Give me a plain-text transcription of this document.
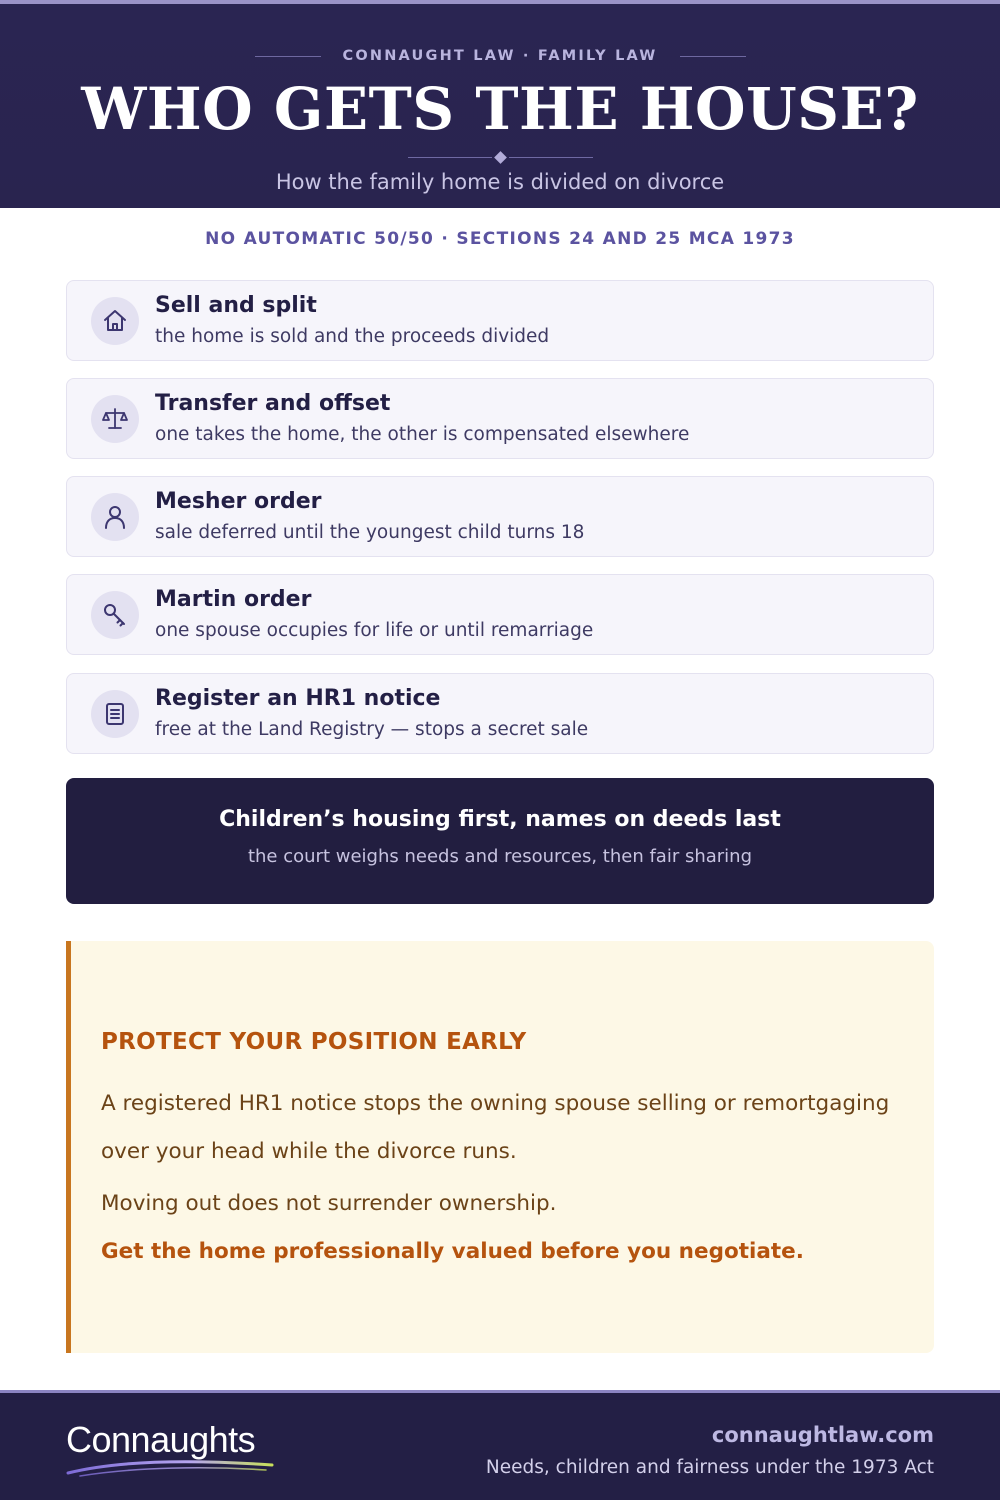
CONNAUGHT LAW · FAMILY LAW
WHO GETS THE HOUSE?
How the family home is divided on divorce
NO AUTOMATIC 50/50 · SECTIONS 24 AND 25 MCA 1973
Sell and split
the home is sold and the proceeds divided
Transfer and offset
one takes the home, the other is compensated elsewhere
Mesher order
sale deferred until the youngest child turns 18
Martin order
one spouse occupies for life or until remarriage
Register an HR1 notice
free at the Land Registry — stops a secret sale
Children’s housing first, names on deeds last
the court weighs needs and resources, then fair sharing
PROTECT YOUR POSITION EARLY
A registered HR1 notice stops the owning spouse selling or remortgaging over your head while the divorce runs.
Moving out does not surrender ownership.
Get the home professionally valued before you negotiate.
Connaughts	connaughtlaw.com
Needs, children and fairness under the 1973 Act
